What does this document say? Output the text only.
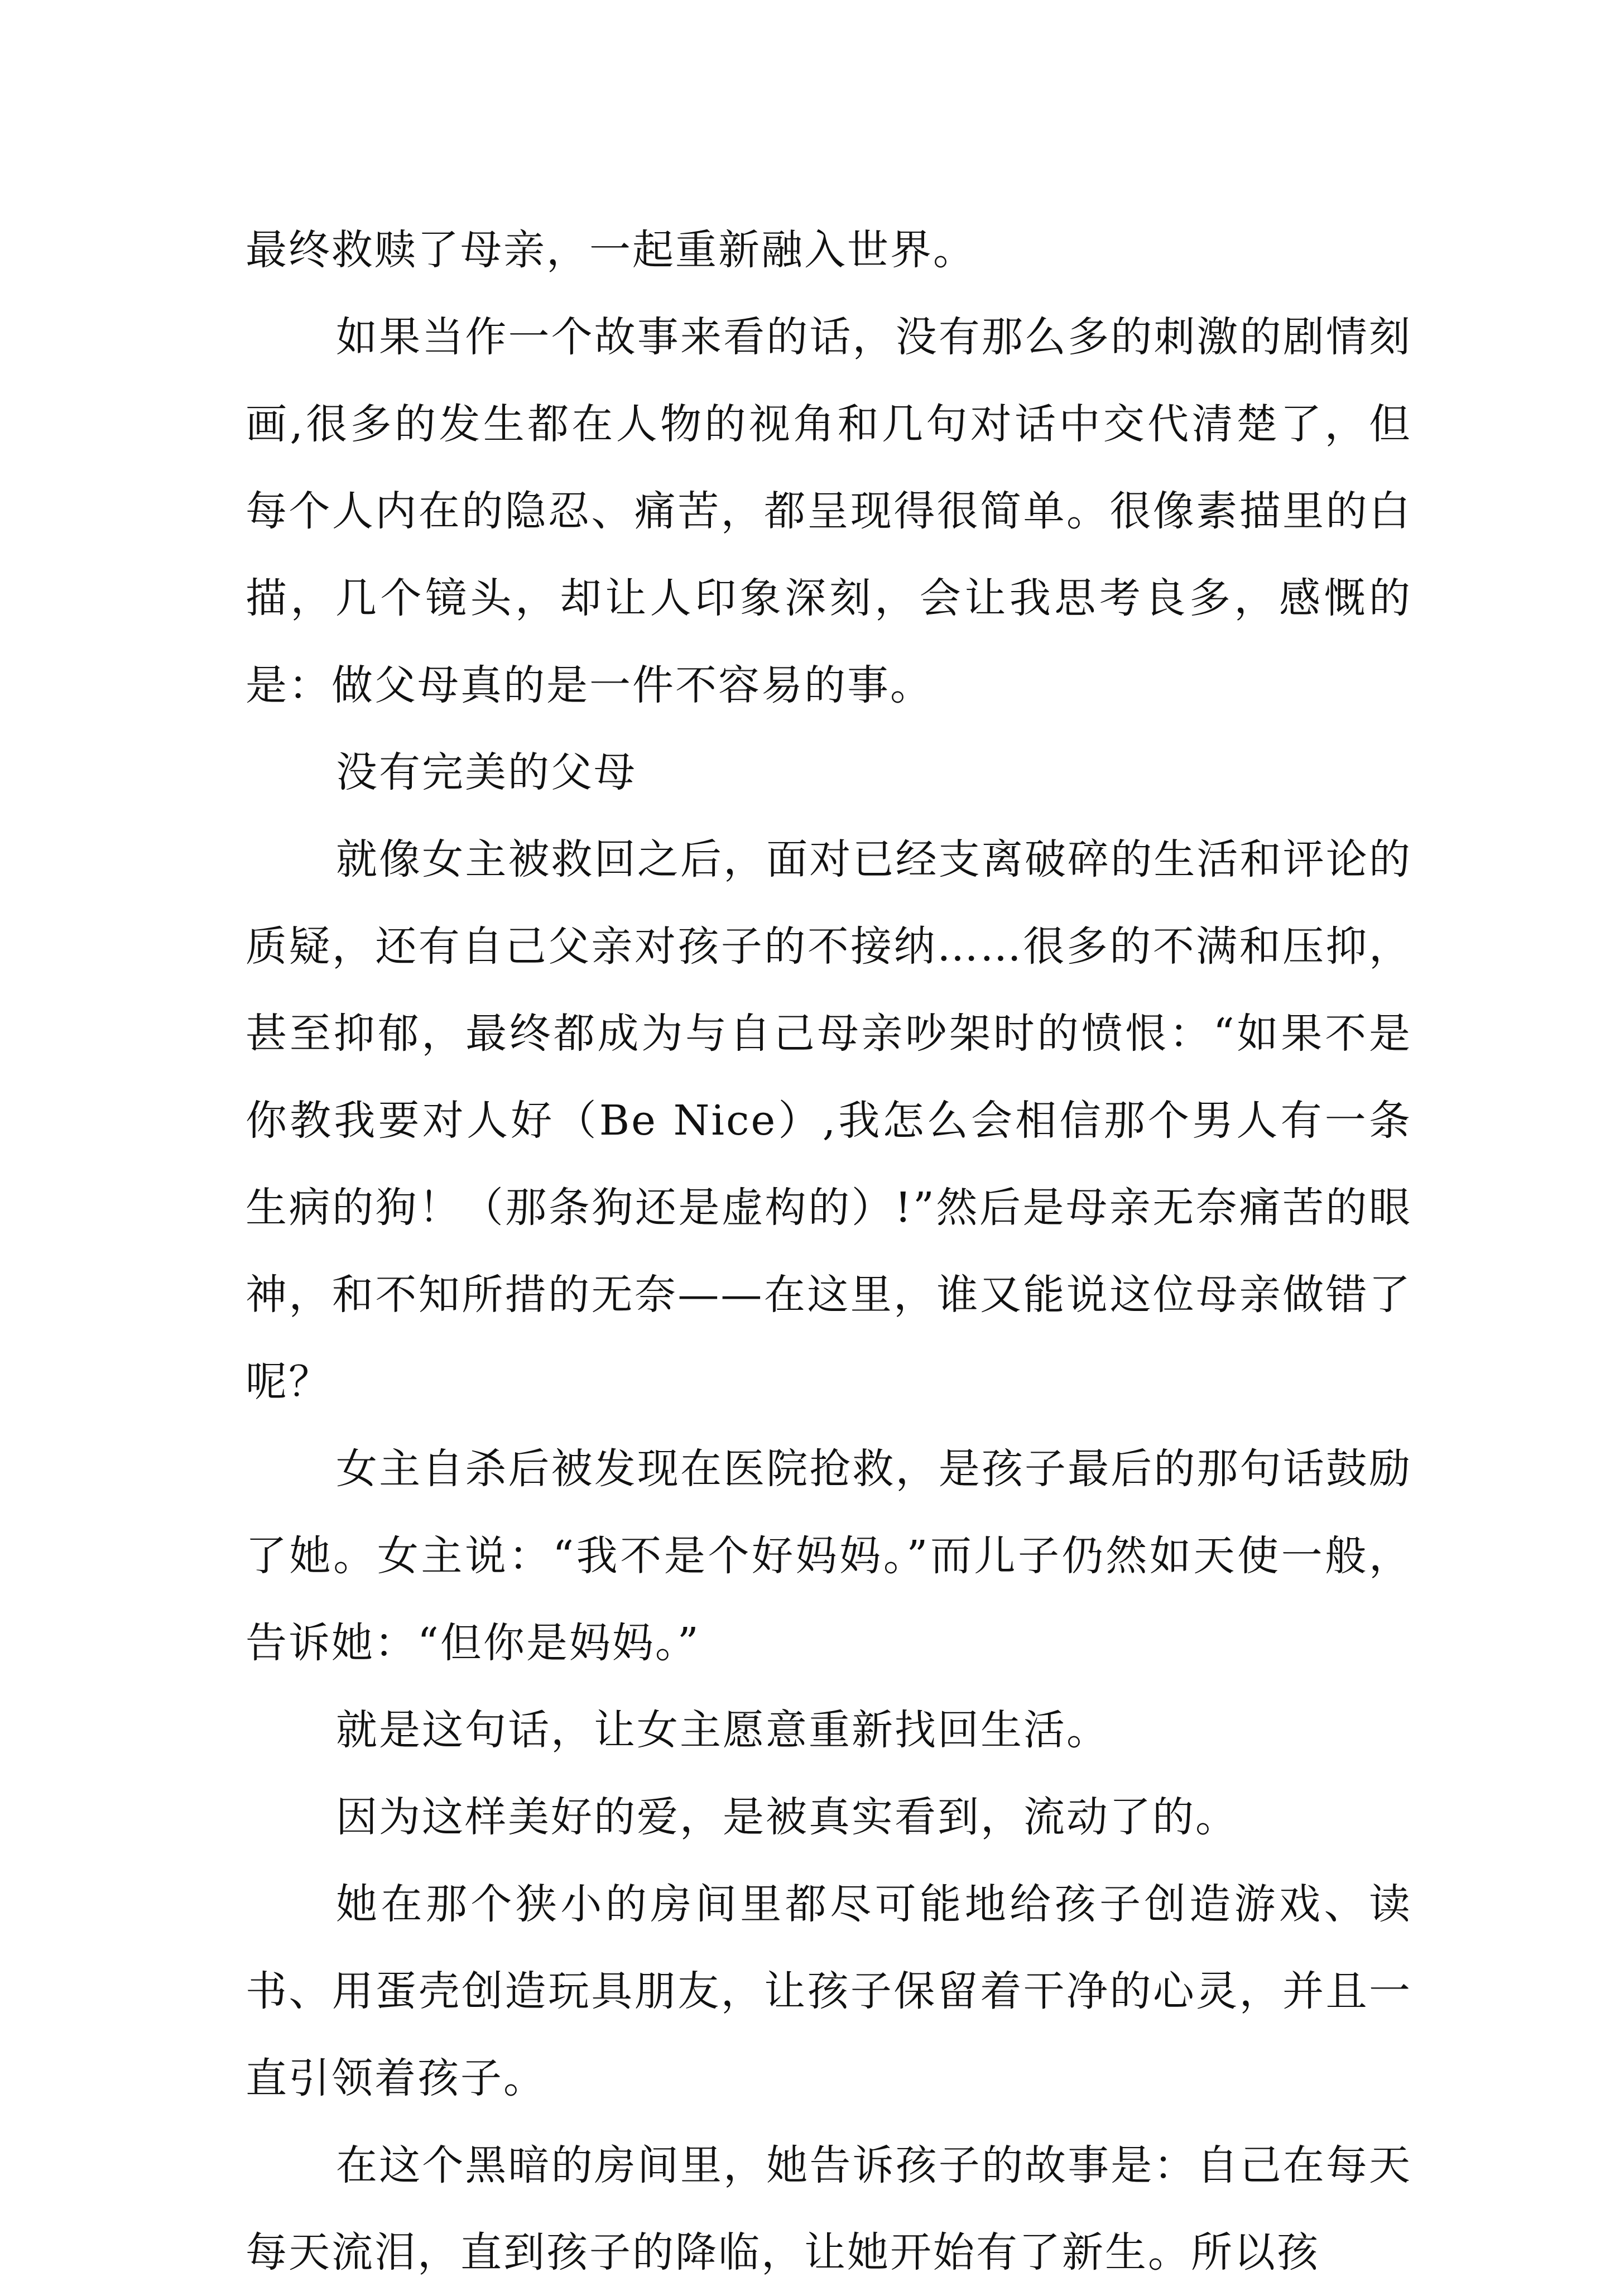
最终救赎了母亲，一起重新融入世界。

如果当作一个故事来看的话，没有那么多的刺激的剧情刻画,很多的发生都在人物的视角和几句对话中交代清楚了，但每个人内在的隐忍、痛苦，都呈现得很简单。很像素描里的白描，几个镜头，却让人印象深刻，会让我思考良多，感慨的是：做父母真的是一件不容易的事。

没有完美的父母

就像女主被救回之后，面对已经支离破碎的生活和评论的质疑，还有自己父亲对孩子的不接纳……很多的不满和压抑，甚至抑郁，最终都成为与自己母亲吵架时的愤恨：“如果不是你教我要对人好（Be Nice）,我怎么会相信那个男人有一条生病的狗！（那条狗还是虚构的）!”然后是母亲无奈痛苦的眼神，和不知所措的无奈——在这里，谁又能说这位母亲做错了呢？

女主自杀后被发现在医院抢救，是孩子最后的那句话鼓励了她。女主说：“我不是个好妈妈。”而儿子仍然如天使一般，告诉她：“但你是妈妈。”

就是这句话，让女主愿意重新找回生活。

因为这样美好的爱，是被真实看到，流动了的。

她在那个狭小的房间里都尽可能地给孩子创造游戏、读书、用蛋壳创造玩具朋友，让孩子保留着干净的心灵，并且一直引领着孩子。

在这个黑暗的房间里，她告诉孩子的故事是：自己在每天每天流泪，直到孩子的降临，让她开始有了新生。所以孩
